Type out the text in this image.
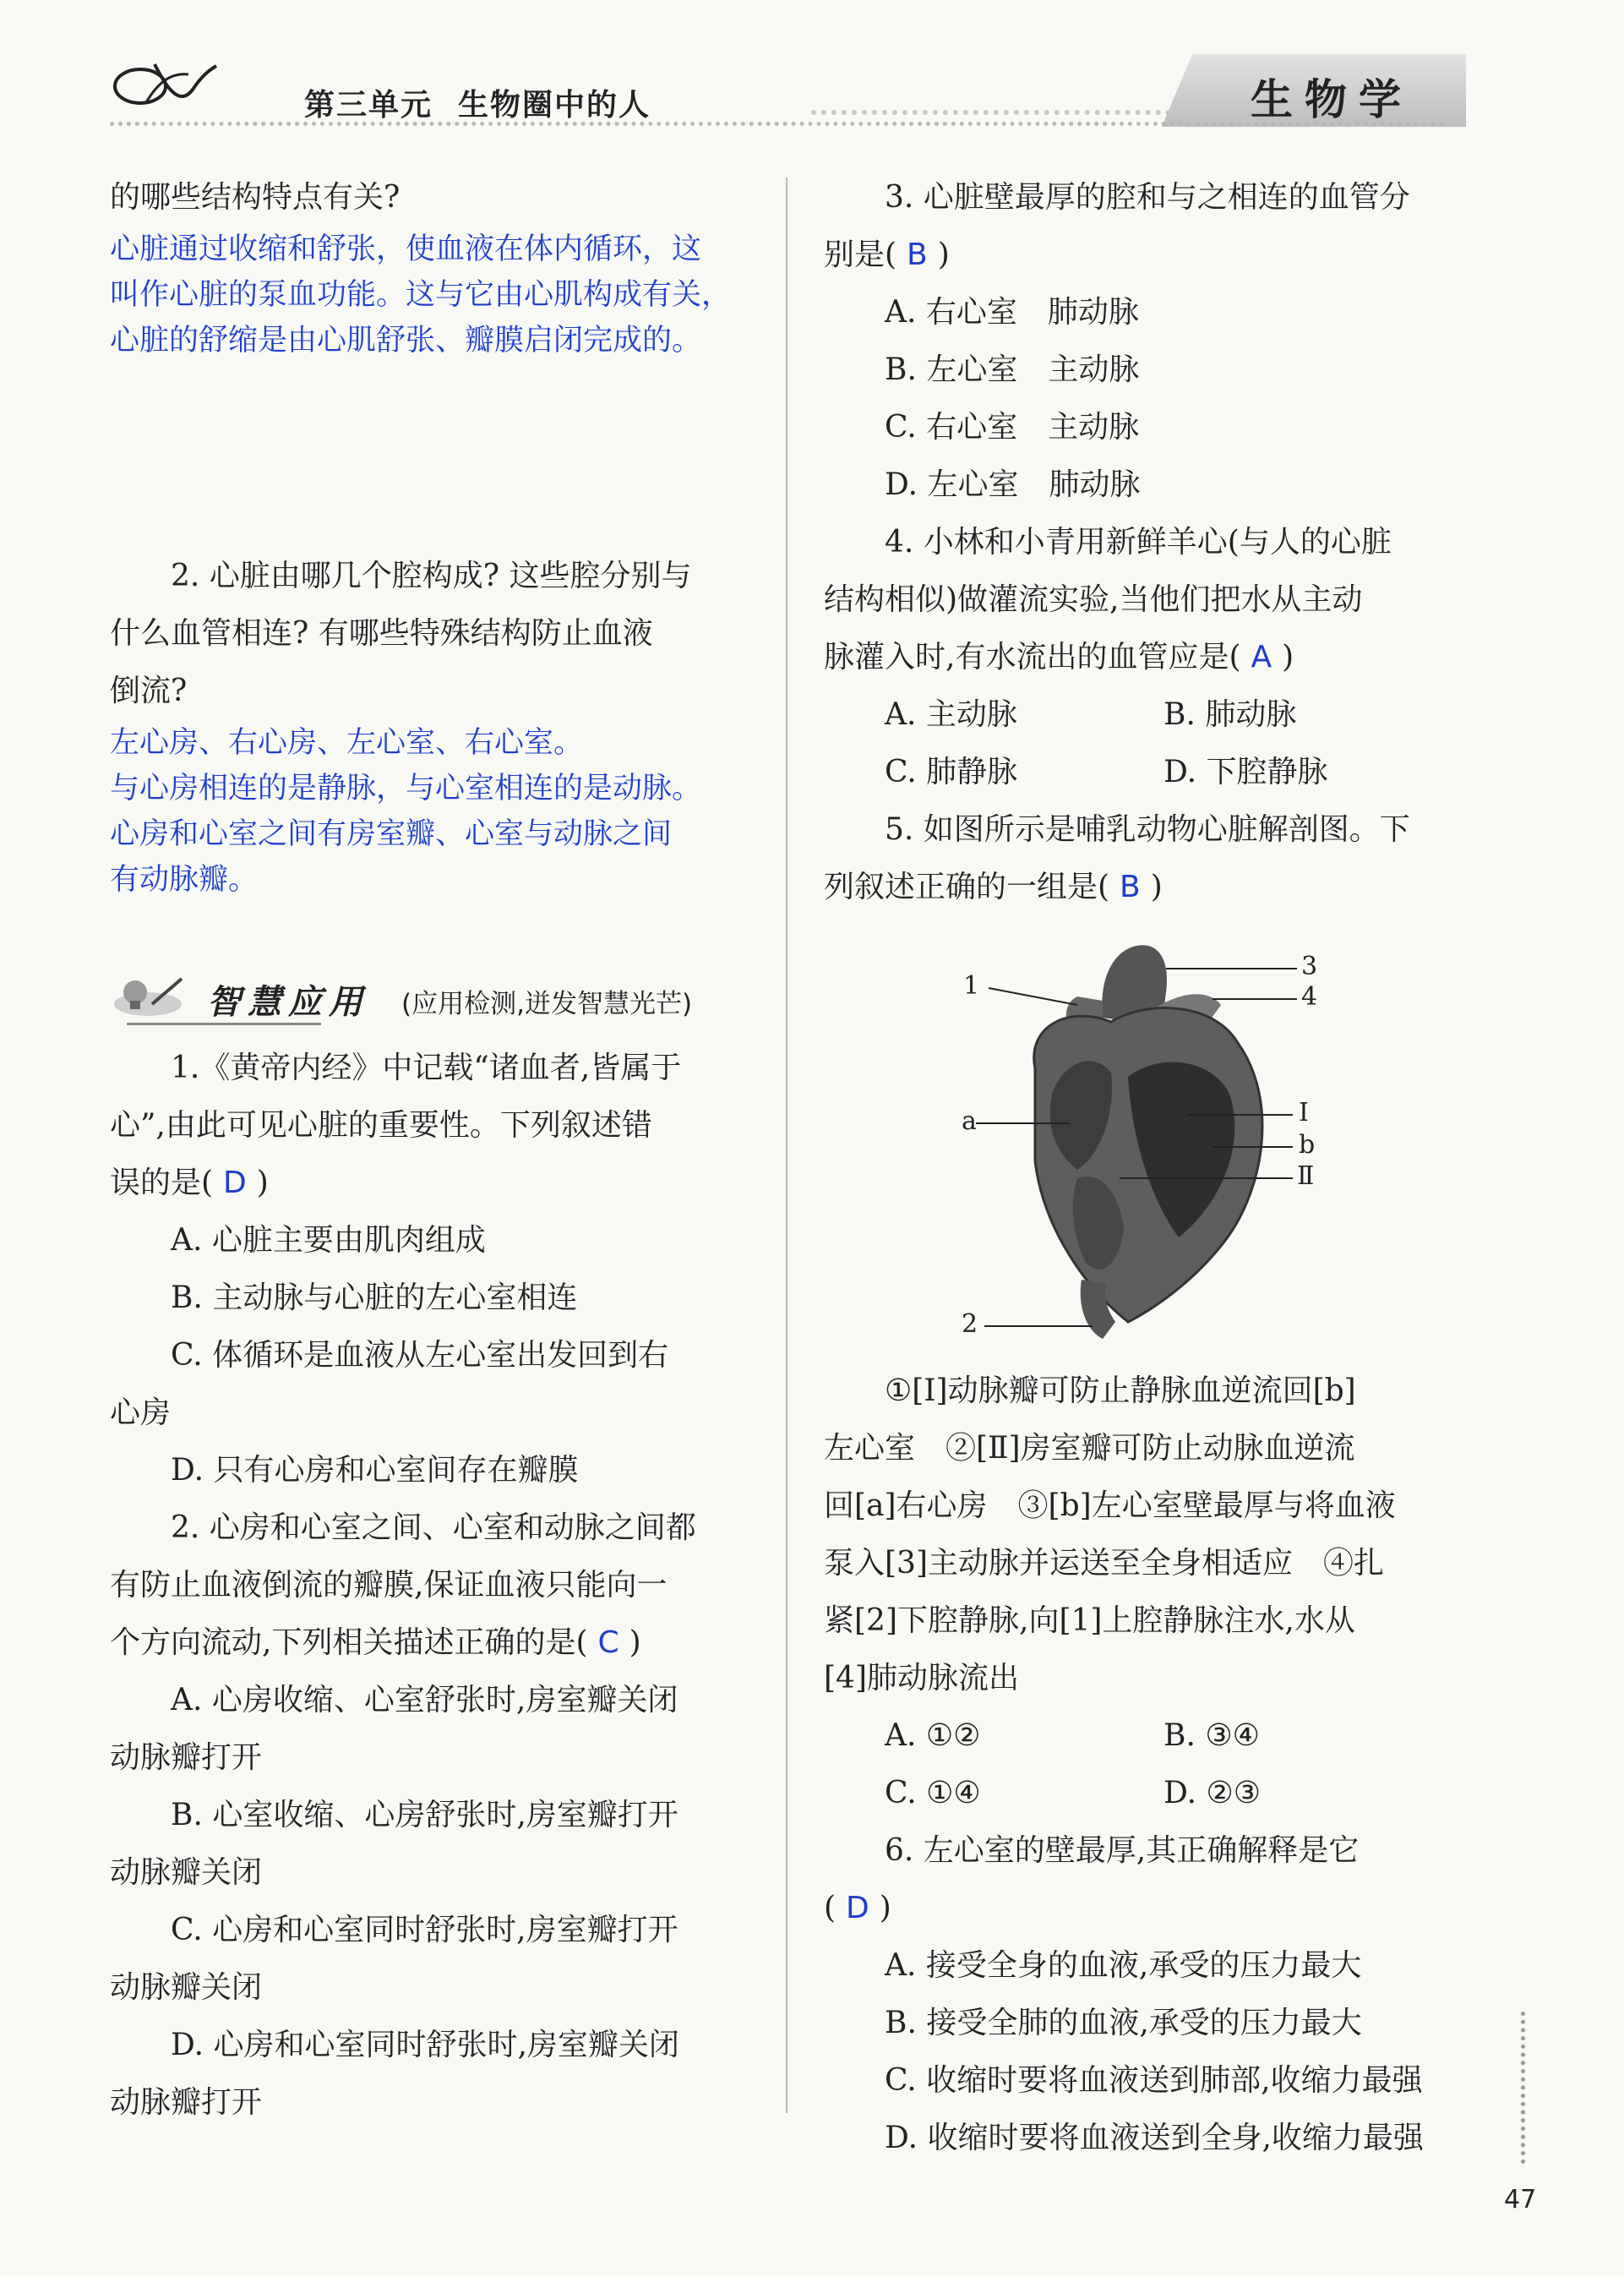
第三单元 生物圈中的人	生物学

的哪些结构特点有关?

心脏通过收缩和舒张，使血液在体内循环，这

叫作心脏的泵血功能。这与它由心肌构成有关，

心脏的舒缩是由心肌舒张、瓣膜启闭完成的。

2. 心脏由哪几个腔构成? 这些腔分别与

什么血管相连? 有哪些特殊结构防止血液

倒流?

左心房、右心房、左心室、右心室。

与心房相连的是静脉，与心室相连的是动脉。

心房和心室之间有房室瓣、心室与动脉之间

有动脉瓣。

智慧应用 (应用检测,迸发智慧光芒)

1.《黄帝内经》中记载“诸血者,皆属于

心”,由此可见心脏的重要性。下列叙述错

误的是( D )

A. 心脏主要由肌肉组成

B. 主动脉与心脏的左心室相连

C. 体循环是血液从左心室出发回到右

心房

D. 只有心房和心室间存在瓣膜

2. 心房和心室之间、心室和动脉之间都

有防止血液倒流的瓣膜,保证血液只能向一

个方向流动,下列相关描述正确的是( C )

A. 心房收缩、心室舒张时,房室瓣关闭

动脉瓣打开

B. 心室收缩、心房舒张时,房室瓣打开

动脉瓣关闭

C. 心房和心室同时舒张时,房室瓣打开

动脉瓣关闭

D. 心房和心室同时舒张时,房室瓣关闭

动脉瓣打开

3. 心脏壁最厚的腔和与之相连的血管分

别是( B )

A. 右心室　肺动脉

B. 左心室　主动脉

C. 右心室　主动脉

D. 左心室　肺动脉

4. 小林和小青用新鲜羊心(与人的心脏

结构相似)做灌流实验,当他们把水从主动

脉灌入时,有水流出的血管应是( A )

A. 主动脉	B. 肺动脉

C. 肺静脉	D. 下腔静脉

5. 如图所示是哺乳动物心脏解剖图。下

列叙述正确的一组是( B )

1
3
4
a	Ⅰ
b
Ⅱ
2

①[Ⅰ]动脉瓣可防止静脉血逆流回[b]

左心室　②[Ⅱ]房室瓣可防止动脉血逆流

回[a]右心房　③[b]左心室壁最厚与将血液

泵入[3]主动脉并运送至全身相适应　④扎

紧[2]下腔静脉,向[1]上腔静脉注水,水从

[4]肺动脉流出

A. ①②	B. ③④

C. ①④	D. ②③

6. 左心室的壁最厚,其正确解释是它

( D )

A. 接受全身的血液,承受的压力最大

B. 接受全肺的血液,承受的压力最大

C. 收缩时要将血液送到肺部,收缩力最强

D. 收缩时要将血液送到全身,收缩力最强

47
